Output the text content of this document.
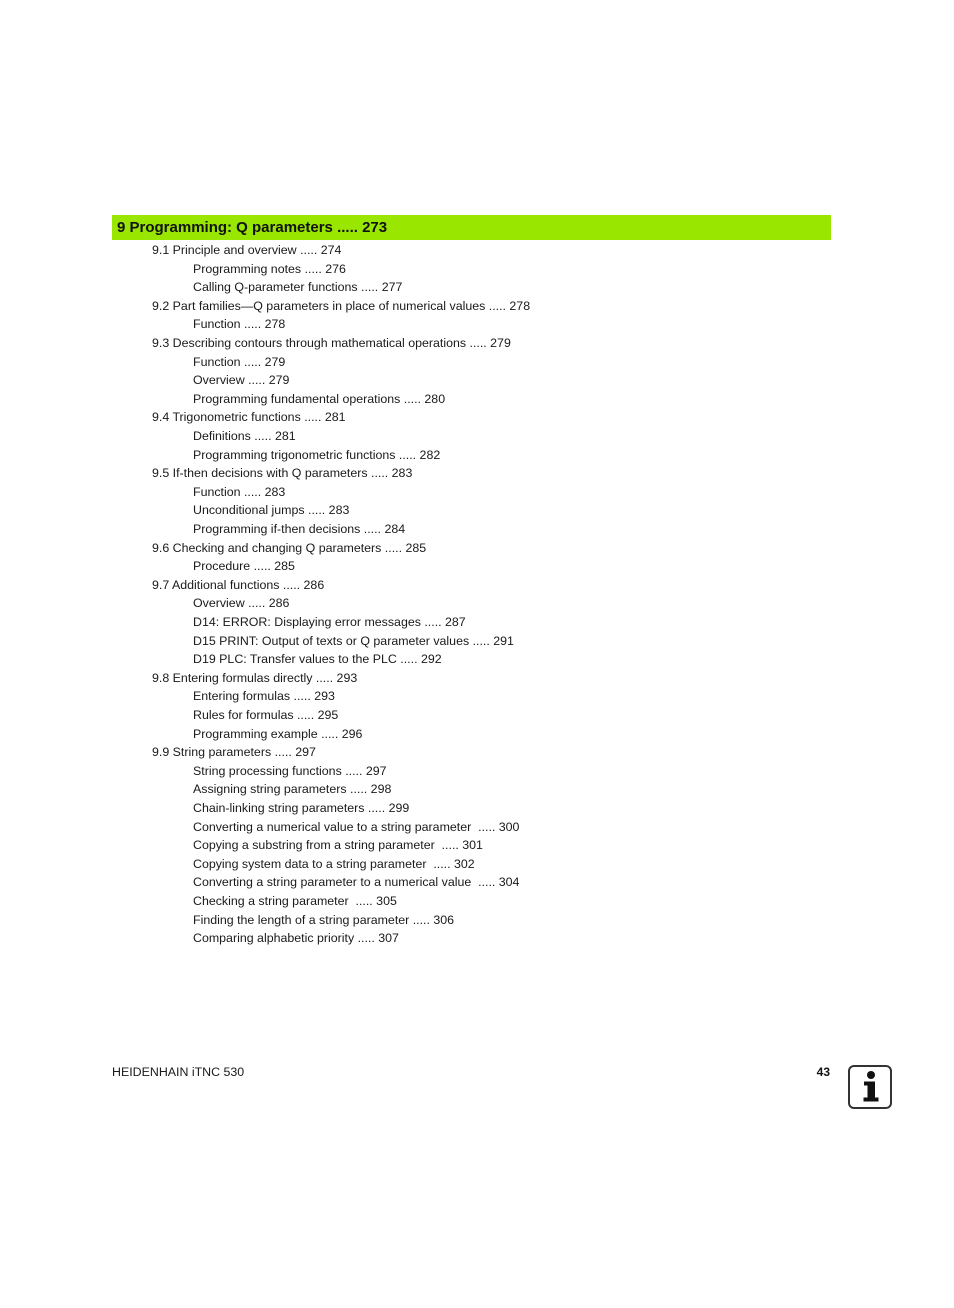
9 Programming: Q parameters ..... 273
9.1 Principle and overview ..... 274
Programming notes ..... 276
Calling Q-parameter functions ..... 277
9.2 Part families—Q parameters in place of numerical values ..... 278
Function ..... 278
9.3 Describing contours through mathematical operations ..... 279
Function ..... 279
Overview ..... 279
Programming fundamental operations ..... 280
9.4 Trigonometric functions ..... 281
Definitions ..... 281
Programming trigonometric functions ..... 282
9.5 If-then decisions with Q parameters ..... 283
Function ..... 283
Unconditional jumps ..... 283
Programming if-then decisions ..... 284
9.6 Checking and changing Q parameters ..... 285
Procedure ..... 285
9.7 Additional functions ..... 286
Overview ..... 286
D14: ERROR: Displaying error messages ..... 287
D15 PRINT: Output of texts or Q parameter values ..... 291
D19 PLC: Transfer values to the PLC ..... 292
9.8 Entering formulas directly ..... 293
Entering formulas ..... 293
Rules for formulas ..... 295
Programming example ..... 296
9.9 String parameters ..... 297
String processing functions ..... 297
Assigning string parameters ..... 298
Chain-linking string parameters ..... 299
Converting a numerical value to a string parameter  ..... 300
Copying a substring from a string parameter  ..... 301
Copying system data to a string parameter  ..... 302
Converting a string parameter to a numerical value  ..... 304
Checking a string parameter  ..... 305
Finding the length of a string parameter ..... 306
Comparing alphabetic priority ..... 307
HEIDENHAIN iTNC 530	43
